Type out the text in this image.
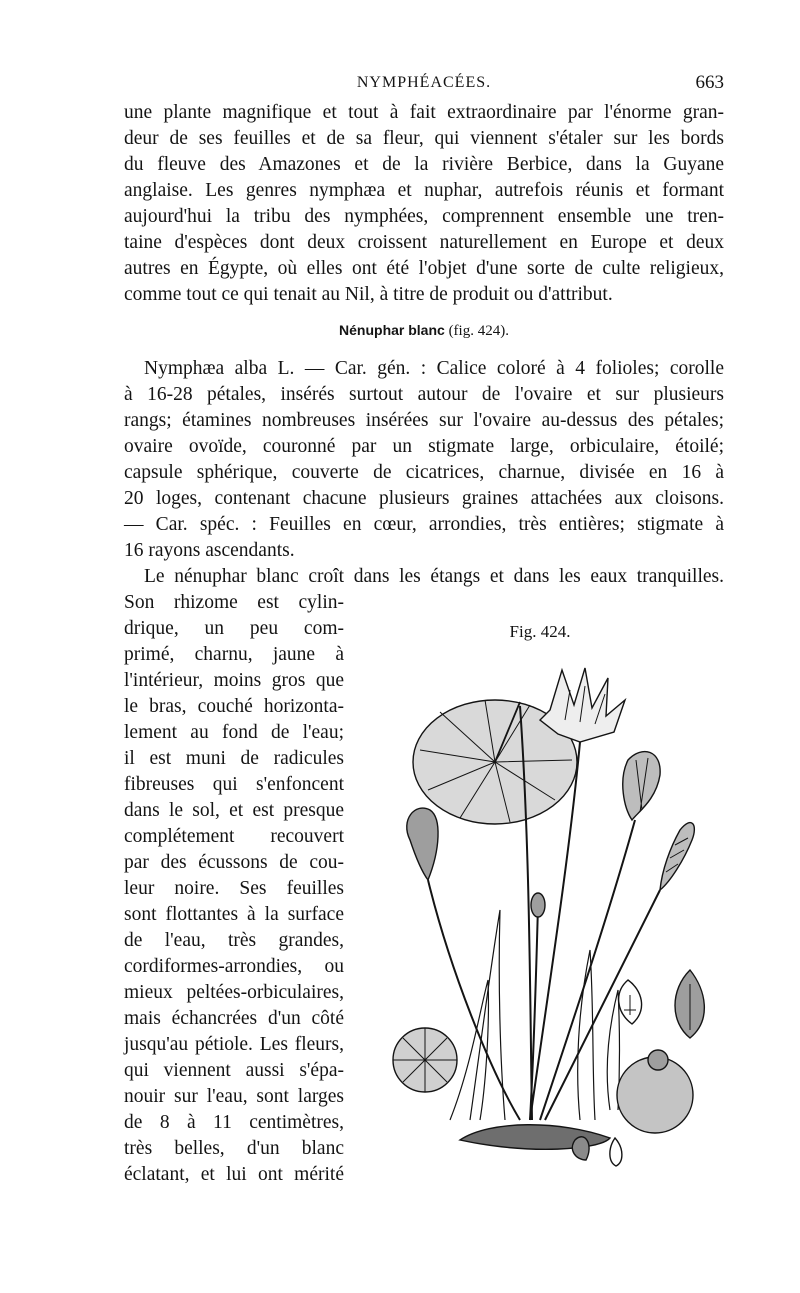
NYMPHÉACÉES.	663
une plante magnifique et tout à fait extraordinaire par l'énorme gran-
deur de ses feuilles et de sa fleur, qui viennent s'étaler sur les bords
du fleuve des Amazones et de la rivière Berbice, dans la Guyane
anglaise. Les genres nymphæa et nuphar, autrefois réunis et formant
aujourd'hui la tribu des nymphées, comprennent ensemble une tren-
taine d'espèces dont deux croissent naturellement en Europe et deux
autres en Égypte, où elles ont été l'objet d'une sorte de culte religieux,
comme tout ce qui tenait au Nil, à titre de produit ou d'attribut.
Nénuphar blanc (fig. 424).
Nymphæa alba L. — Car. gén. : Calice coloré à 4 folioles; corolle
à 16-28 pétales, insérés surtout autour de l'ovaire et sur plusieurs
rangs; étamines nombreuses insérées sur l'ovaire au-dessus des pétales;
ovaire ovoïde, couronné par un stigmate large, orbiculaire, étoilé;
capsule sphérique, couverte de cicatrices, charnue, divisée en 16 à
20 loges, contenant chacune plusieurs graines attachées aux cloisons.
— Car. spéc. : Feuilles en cœur, arrondies, très entières; stigmate à
16 rayons ascendants.
Le nénuphar blanc croît dans les étangs et dans les eaux tranquilles.
Son rhizome est cylin-
drique, un peu com-
primé, charnu, jaune à
l'intérieur, moins gros que
le bras, couché horizonta-
lement au fond de l'eau;
il est muni de radicules
fibreuses qui s'enfoncent
dans le sol, et est presque
complétement recouvert
par des écussons de cou-
leur noire. Ses feuilles
sont flottantes à la surface
de l'eau, très grandes,
cordiformes-arrondies, ou
mieux peltées-orbiculaires,
mais échancrées d'un côté
jusqu'au pétiole. Les fleurs,
qui viennent aussi s'épa-
nouir sur l'eau, sont larges
de 8 à 11 centimètres,
très belles, d'un blanc
éclatant, et lui ont mérité
Fig. 424.
